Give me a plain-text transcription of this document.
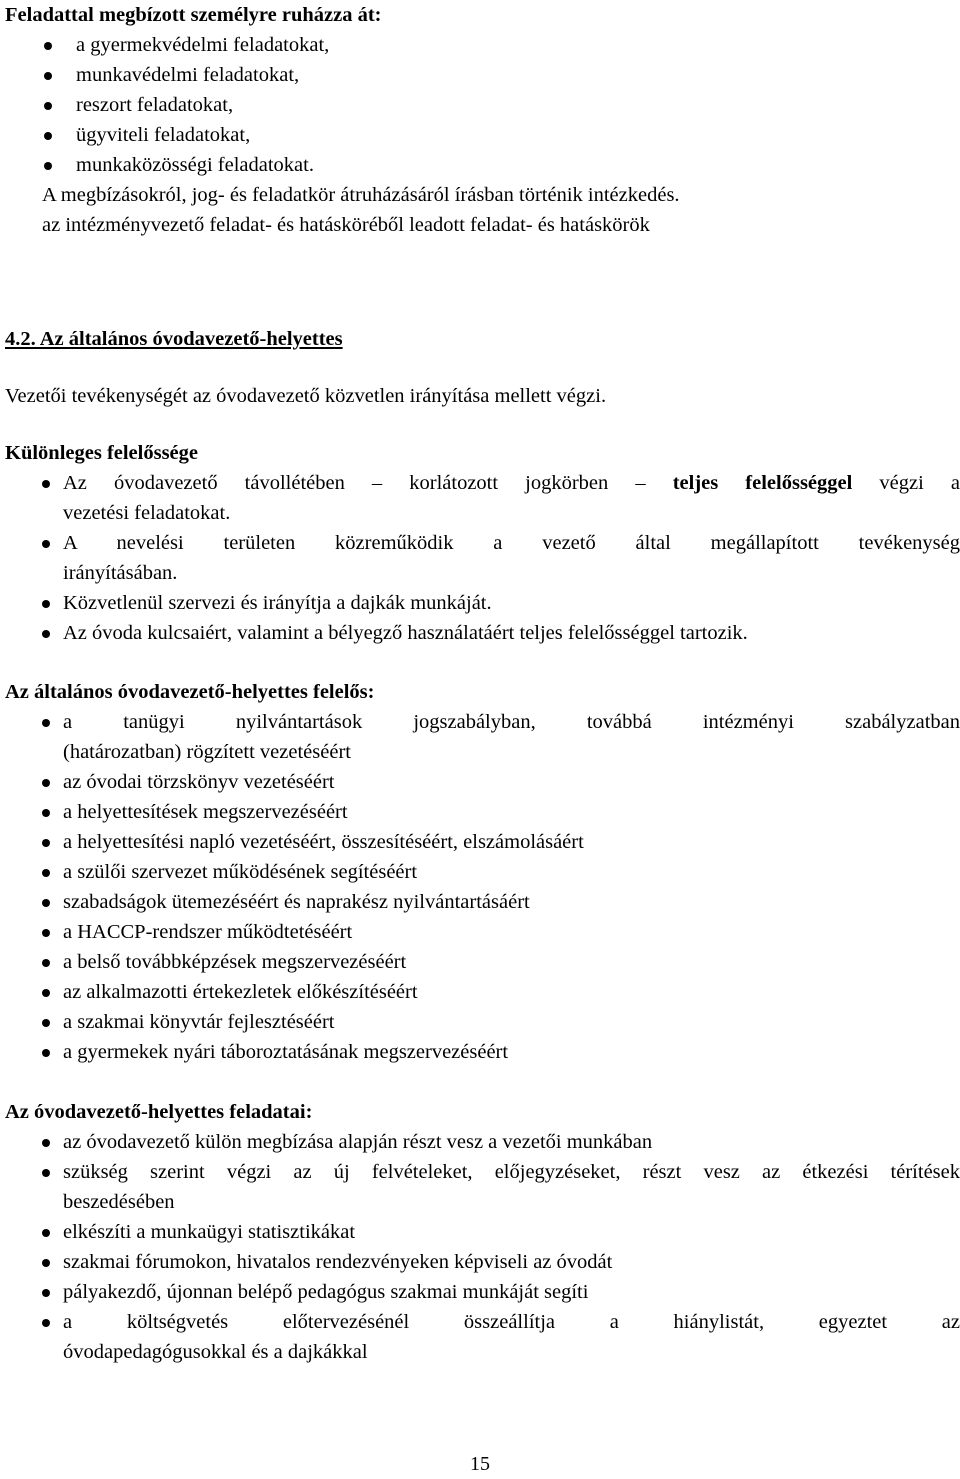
Feladattal megbízott személyre ruházza át:
a gyermekvédelmi feladatokat,
munkavédelmi feladatokat,
reszort feladatokat,
ügyviteli feladatokat,
munkaközösségi feladatokat.
A megbízásokról, jog- és feladatkör átruházásáról írásban történik intézkedés.
az intézményvezető feladat- és hatásköréből leadott feladat- és hatáskörök
4.2. Az általános óvodavezető-helyettes
Vezetői tevékenységét az óvodavezető közvetlen irányítása mellett végzi.
Különleges felelőssége
Az óvodavezető távollétében – korlátozott jogkörben – teljes felelősséggel végzi a
vezetési feladatokat.
A nevelési területen közreműködik a vezető által megállapított tevékenység
irányításában.
Közvetlenül szervezi és irányítja a dajkák munkáját.
Az óvoda kulcsaiért, valamint a bélyegző használatáért teljes felelősséggel tartozik.
Az általános óvodavezető-helyettes felelős:
a tanügyi nyilvántartások jogszabályban, továbbá intézményi szabályzatban
(határozatban) rögzített vezetéséért
az óvodai törzskönyv vezetéséért
a helyettesítések megszervezéséért
a helyettesítési napló vezetéséért, összesítéséért, elszámolásáért
a szülői szervezet működésének segítéséért
szabadságok ütemezéséért és naprakész nyilvántartásáért
a HACCP-rendszer működtetéséért
a belső továbbképzések megszervezéséért
az alkalmazotti értekezletek előkészítéséért
a szakmai könyvtár fejlesztéséért
a gyermekek nyári táboroztatásának megszervezéséért
Az óvodavezető-helyettes feladatai:
az óvodavezető külön megbízása alapján részt vesz a vezetői munkában
szükség szerint végzi az új felvételeket, előjegyzéseket, részt vesz az étkezési térítések
beszedésében
elkészíti a munkaügyi statisztikákat
szakmai fórumokon, hivatalos rendezvényeken képviseli az óvodát
pályakezdő, újonnan belépő pedagógus szakmai munkáját segíti
a költségvetés előtervezésénél összeállítja a hiánylistát, egyeztet az
óvodapedagógusokkal és a dajkákkal
15
